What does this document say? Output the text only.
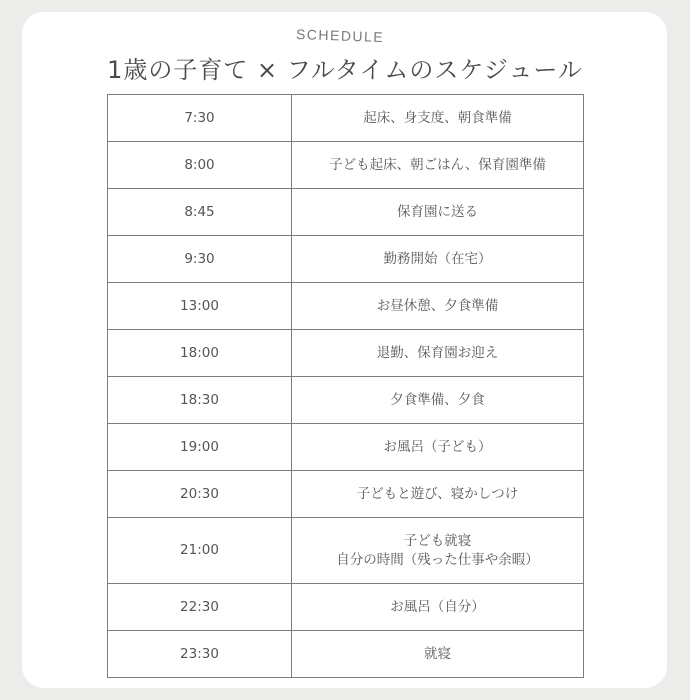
SCHEDULE
1歳の子育て × フルタイムのスケジュール
7:30	起床、身支度、朝食準備

8:00	子ども起床、朝ごはん、保育園準備

8:45	保育園に送る

9:30	勤務開始（在宅）

13:00	お昼休憩、夕食準備

18:00	退勤、保育園お迎え

18:30	夕食準備、夕食

19:00	お風呂（子ども）

20:30	子どもと遊び、寝かしつけ

21:00	子ども就寝
自分の時間（残った仕事や余暇）

22:30	お風呂（自分）

23:30	就寝
